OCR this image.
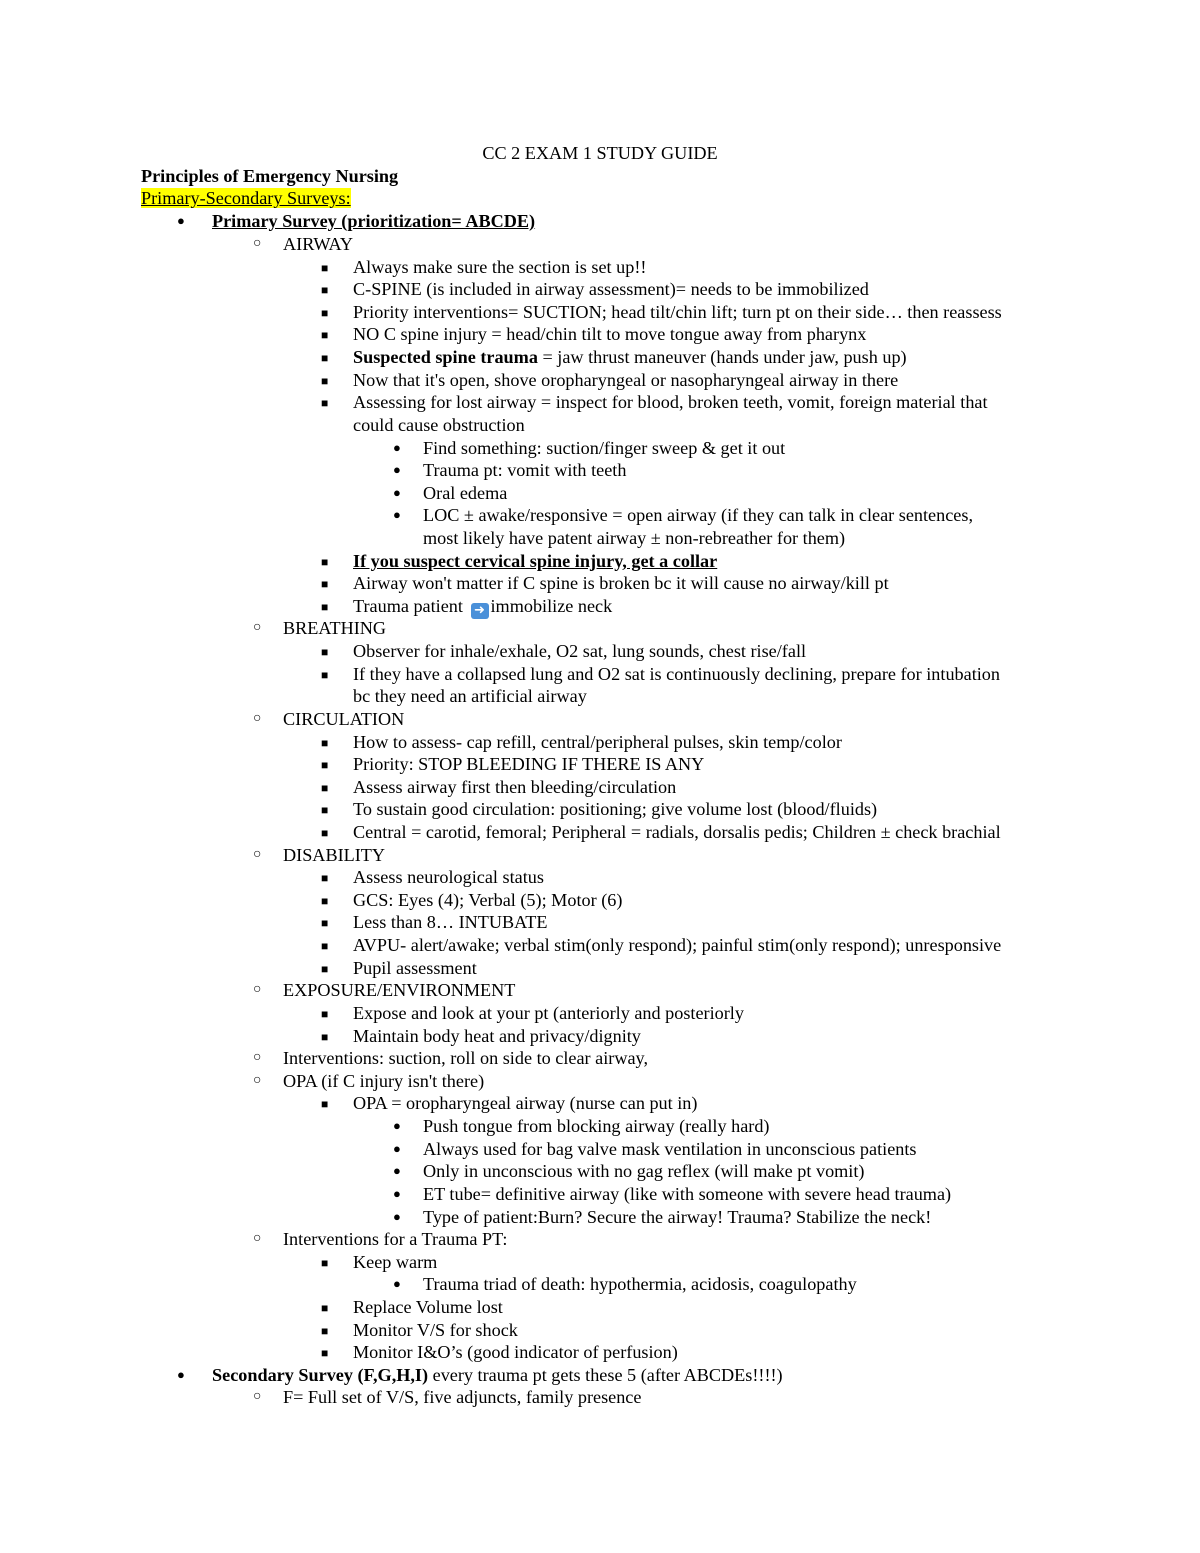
CC 2 EXAM 1 STUDY GUIDE
Principles of Emergency Nursing
Primary-Secondary Surveys:
● Primary Survey (prioritization= ABCDE)
○ AIRWAY
■ Always make sure the section is set up!!
■ C-SPINE (is included in airway assessment)= needs to be immobilized
■ Priority interventions= SUCTION; head tilt/chin lift; turn pt on their side… then reassess
■ NO C spine injury = head/chin tilt to move tongue away from pharynx
■ Suspected spine trauma = jaw thrust maneuver (hands under jaw, push up)
■ Now that it's open, shove oropharyngeal or nasopharyngeal airway in there
■ Assessing for lost airway = inspect for blood, broken teeth, vomit, foreign material that
could cause obstruction
● Find something: suction/finger sweep & get it out
● Trauma pt: vomit with teeth
● Oral edema
● LOC ± awake/responsive = open airway (if they can talk in clear sentences,
most likely have patent airway ± non-rebreather for them)
■ If you suspect cervical spine injury, get a collar
■ Airway won't matter if C spine is broken bc it will cause no airway/kill pt
■ Trauma patient ➜ immobilize neck
○ BREATHING
■ Observer for inhale/exhale, O2 sat, lung sounds, chest rise/fall
■ If they have a collapsed lung and O2 sat is continuously declining, prepare for intubation
bc they need an artificial airway
○ CIRCULATION
■ How to assess- cap refill, central/peripheral pulses, skin temp/color
■ Priority: STOP BLEEDING IF THERE IS ANY
■ Assess airway first then bleeding/circulation
■ To sustain good circulation: positioning; give volume lost (blood/fluids)
■ Central = carotid, femoral; Peripheral = radials, dorsalis pedis; Children ± check brachial
○ DISABILITY
■ Assess neurological status
■ GCS: Eyes (4); Verbal (5); Motor (6)
■ Less than 8… INTUBATE
■ AVPU- alert/awake; verbal stim(only respond); painful stim(only respond); unresponsive
■ Pupil assessment
○ EXPOSURE/ENVIRONMENT
■ Expose and look at your pt (anteriorly and posteriorly
■ Maintain body heat and privacy/dignity
○ Interventions: suction, roll on side to clear airway,
○ OPA (if C injury isn't there)
■ OPA = oropharyngeal airway (nurse can put in)
● Push tongue from blocking airway (really hard)
● Always used for bag valve mask ventilation in unconscious patients
● Only in unconscious with no gag reflex (will make pt vomit)
● ET tube= definitive airway (like with someone with severe head trauma)
● Type of patient:Burn? Secure the airway! Trauma? Stabilize the neck!
○ Interventions for a Trauma PT:
■ Keep warm
● Trauma triad of death: hypothermia, acidosis, coagulopathy
■ Replace Volume lost
■ Monitor V/S for shock
■ Monitor I&O’s (good indicator of perfusion)
● Secondary Survey (F,G,H,I) every trauma pt gets these 5 (after ABCDEs!!!!)
○ F= Full set of V/S, five adjuncts, family presence
